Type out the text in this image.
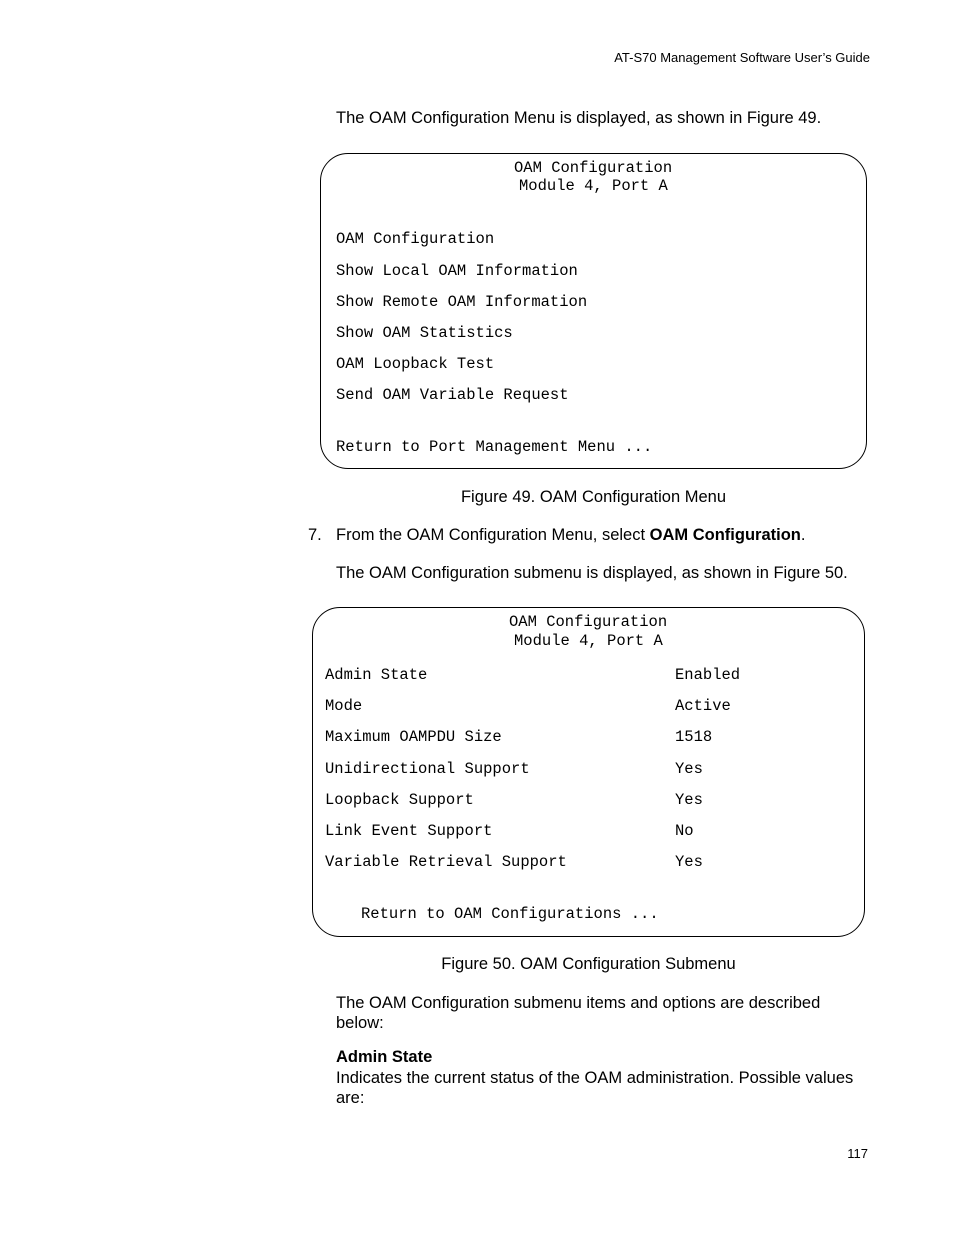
AT-S70 Management Software User’s Guide
The OAM Configuration Menu is displayed, as shown in Figure 49.
OAM Configuration
Module 4, Port A
OAM Configuration
Show Local OAM Information
Show Remote OAM Information
Show OAM Statistics
OAM Loopback Test
Send OAM Variable Request
Return to Port Management Menu ...
Figure 49. OAM Configuration Menu
7. From the OAM Configuration Menu, select OAM Configuration.
The OAM Configuration submenu is displayed, as shown in Figure 50.
OAM Configuration
Module 4, Port A
Admin State	Enabled
Mode	Active
Maximum OAMPDU Size	1518
Unidirectional Support	Yes
Loopback Support	Yes
Link Event Support	No
Variable Retrieval Support	Yes
Return to OAM Configurations ...
Figure 50. OAM Configuration Submenu
The OAM Configuration submenu items and options are described below:
Admin State
Indicates the current status of the OAM administration. Possible values are:
117
